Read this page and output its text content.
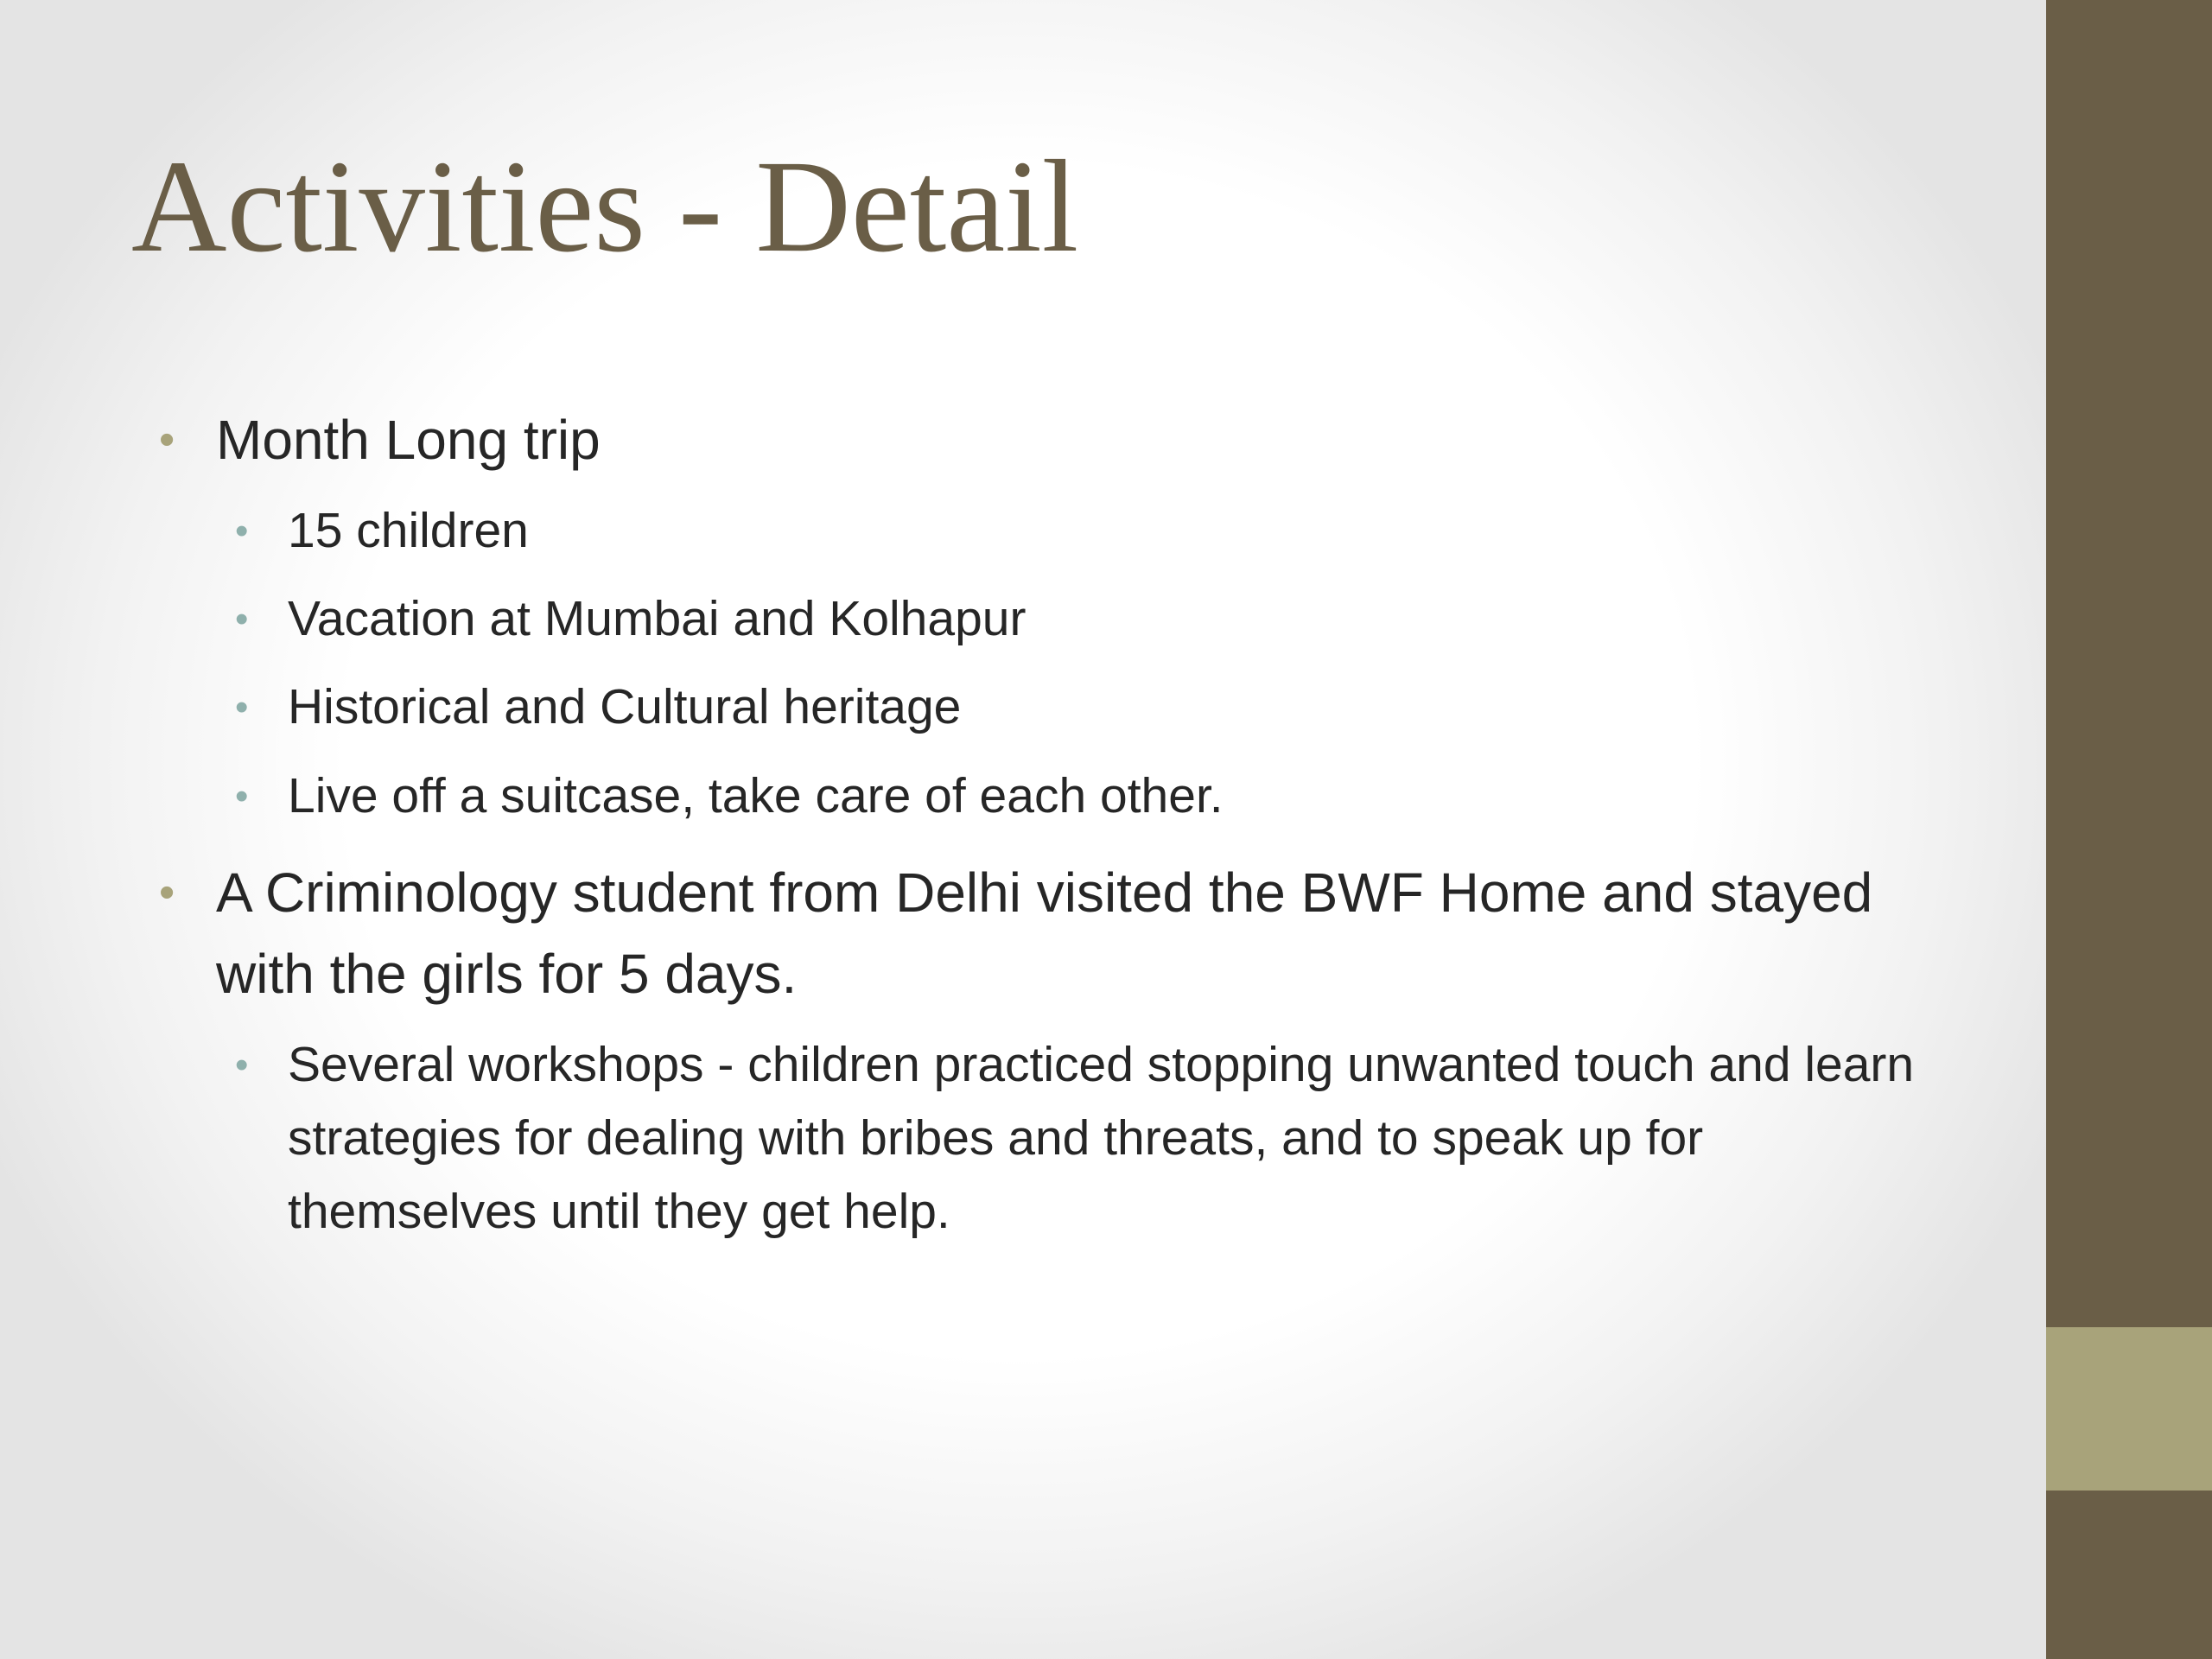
Activities - Detail
• Month Long trip
• 15 children
• Vacation at Mumbai and Kolhapur
• Historical and Cultural heritage
• Live off a suitcase, take care of each other.
• A Criminology student from Delhi visited the BWF Home and stayed with the girls for 5 days.
• Several workshops - children practiced stopping unwanted touch and learn strategies for dealing with bribes and threats, and to speak up for themselves until they get help.
